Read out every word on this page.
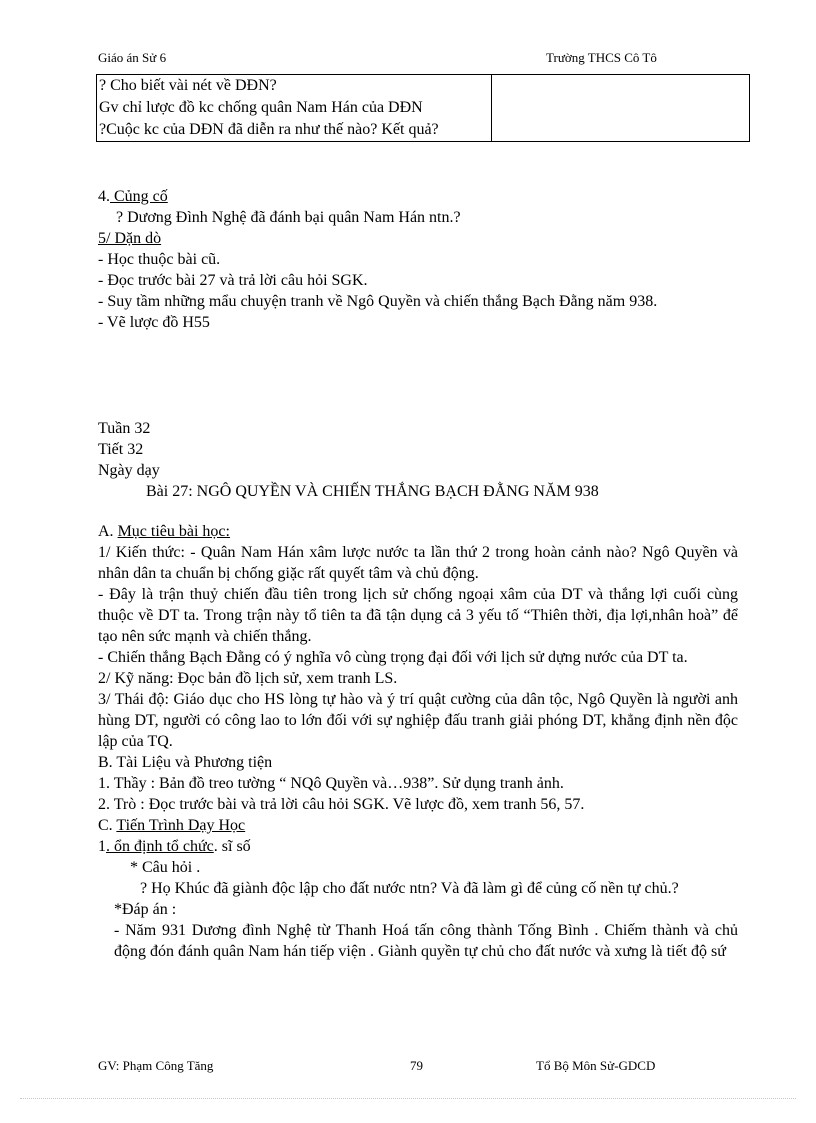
Giáo án Sử 6	Trường THCS Cô Tô
? Cho biết vài nét về DĐN?
Gv chỉ lược đồ kc chống quân Nam Hán của DĐN
?Cuộc kc của DĐN đã diễn ra như thế nào? Kết quả?

4. Củng cố

? Dương Đình Nghệ đã đánh bại quân Nam Hán ntn.?

5/ Dặn dò

- Học thuộc bài cũ.

- Đọc trước bài 27 và trả lời câu hỏi SGK.

- Suy tầm những mẩu chuyện tranh về Ngô Quyền và chiến thắng Bạch Đằng năm 938.

- Vẽ lược đồ H55

Tuần 32

Tiết 32

Ngày dạy

Bài 27: NGÔ QUYỀN VÀ CHIẾN THẮNG BẠCH ĐẰNG NĂM 938

A. Mục tiêu bài học:

1/ Kiến thức: - Quân Nam Hán xâm lược nước ta lần thứ 2 trong hoàn cảnh nào? Ngô Quyền và nhân dân ta chuẩn bị chống giặc rất quyết tâm và chủ động.

- Đây là trận thuỷ chiến đầu tiên trong lịch sử chống ngoại xâm của DT và thắng lợi cuối cùng thuộc về DT ta. Trong trận này tổ tiên ta đã tận dụng cả 3 yếu tố “Thiên thời, địa lợi,nhân hoà” để tạo nên sức mạnh và chiến thắng.

- Chiến thắng Bạch Đằng có ý nghĩa vô cùng trọng đại đối với lịch sử dựng nước của DT ta.

2/ Kỹ năng: Đọc bản đồ lịch sử, xem tranh LS.

3/ Thái độ: Giáo dục cho HS lòng tự hào và ý trí quật cường của dân tộc, Ngô Quyền là người anh hùng DT, người có công lao to lớn đối với sự nghiệp đấu tranh giải phóng DT, khẳng định nền độc lập của TQ.

B. Tài Liệu và Phương tiện

1. Thầy : Bản đồ treo tường “ NQô Quyền và…938”. Sử dụng tranh ảnh.

2. Trò : Đọc trước bài và trả lời câu hỏi SGK. Vẽ lược đồ, xem tranh 56, 57.

C. Tiến Trình Dạy Học

1. ổn định tổ chức. sĩ số

* Câu hỏi .

? Họ Khúc đã giành độc lập cho đất nước ntn? Và đã làm gì để củng cố nền tự chủ.?

*Đáp án :

- Năm 931 Dương đình Nghệ từ Thanh Hoá tấn công thành Tống Bình . Chiếm thành và chủ động đón đánh quân Nam hán tiếp viện . Giành quyền tự chủ cho đất nước và xưng là tiết độ sứ

GV: Phạm Công Tăng	79	Tổ Bộ Môn Sử-GDCD
